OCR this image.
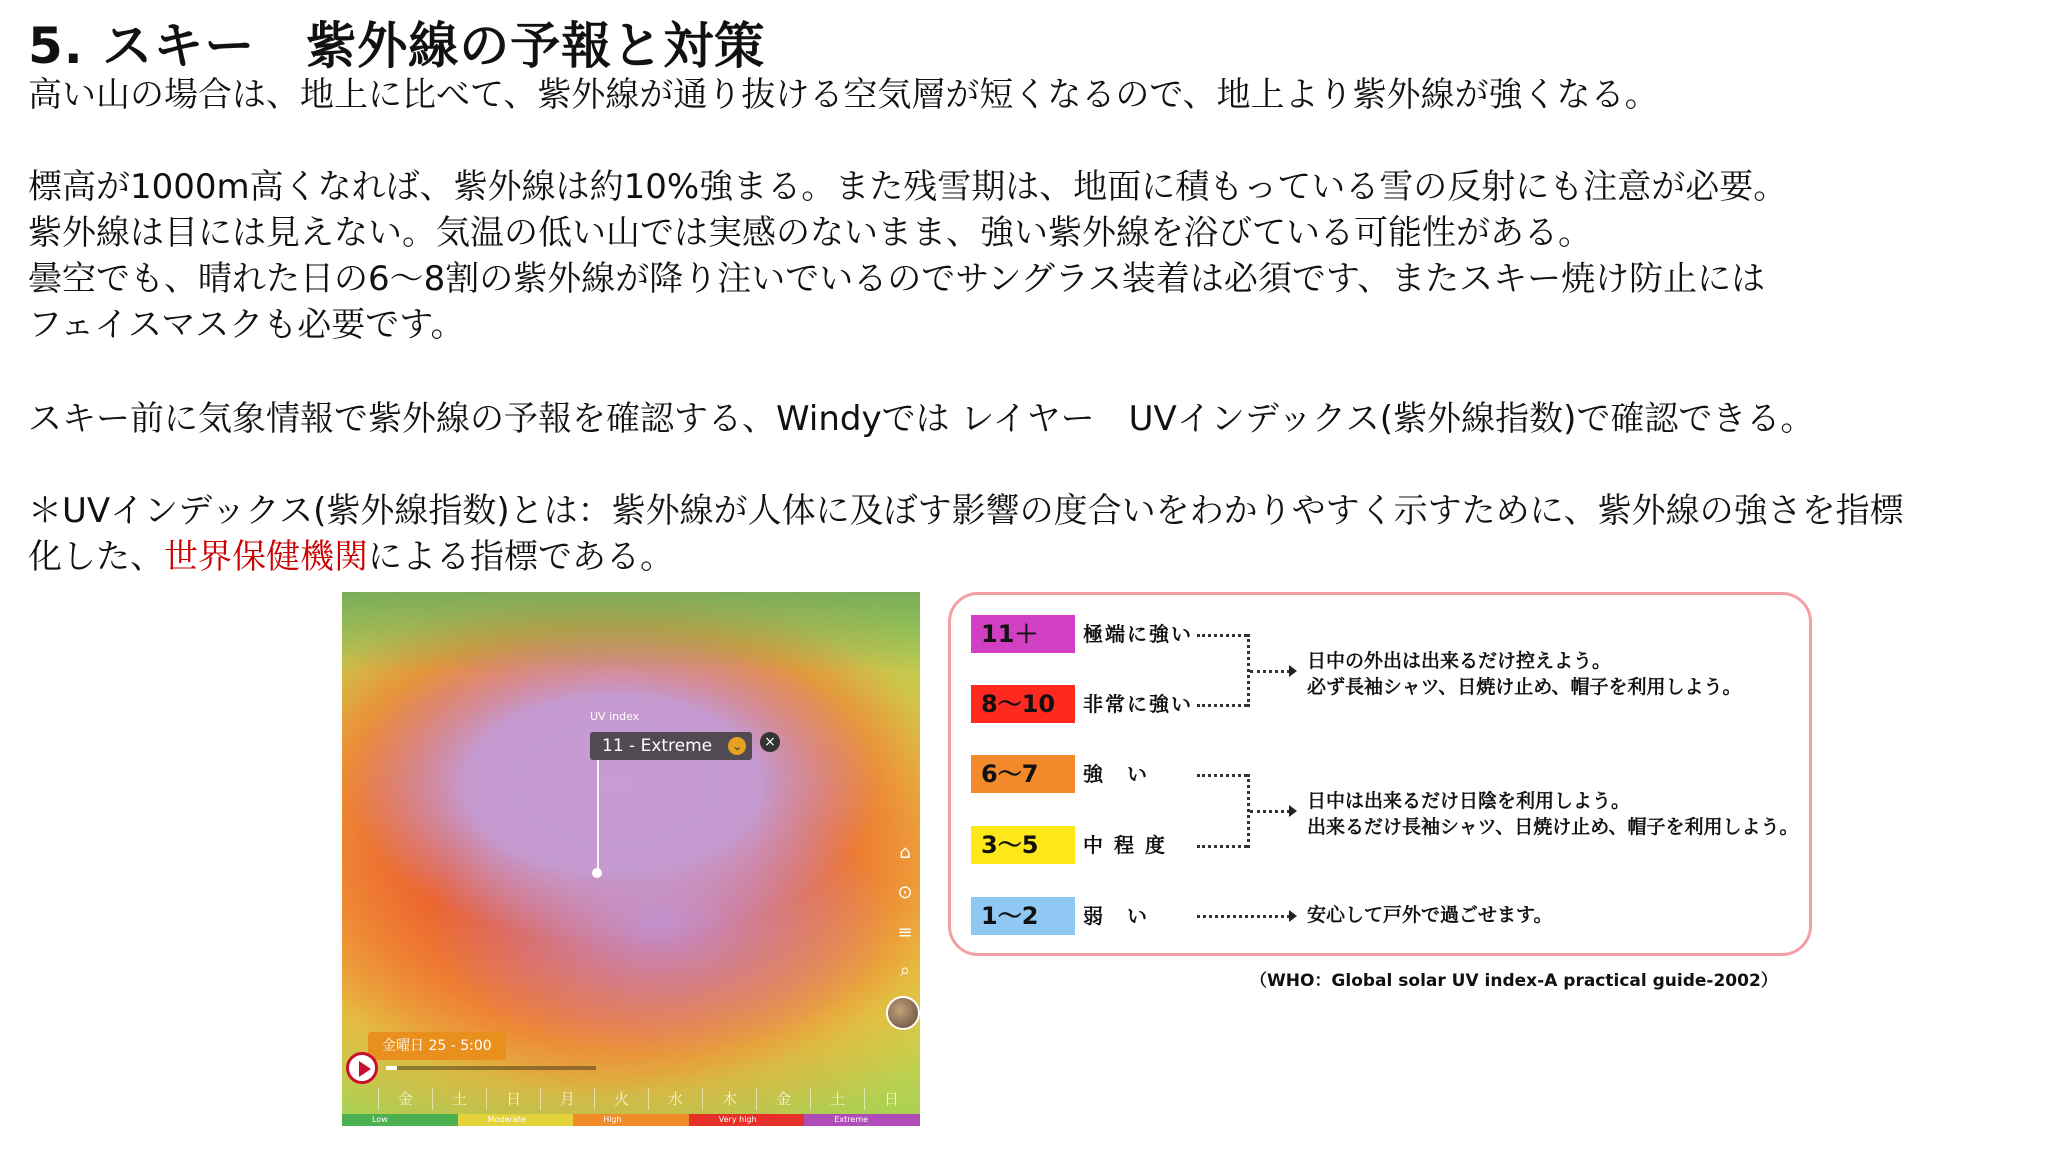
5. スキー　紫外線の予報と対策
高い山の場合は、地上に比べて、紫外線が通り抜ける空気層が短くなるので、地上より紫外線が強くなる。
標高が1000m高くなれば、紫外線は約10%強まる。また残雪期は、地面に積もっている雪の反射にも注意が必要。
紫外線は目には見えない。気温の低い山では実感のないまま、強い紫外線を浴びている可能性がある。
曇空でも、晴れた日の6～8割の紫外線が降り注いでいるのでサングラス装着は必須です、またスキー焼け防止には
フェイスマスクも必要です。
スキー前に気象情報で紫外線の予報を確認する、Windyでは レイヤー　UVインデックス(紫外線指数)で確認できる。
＊UVインデックス(紫外線指数)とは：紫外線が人体に及ぼす影響の度合いをわかりやすく示すために、紫外線の強さを指標
化した、世界保健機関による指標である。
UV index
11 - Extreme	⌄ ×
⌂
⊙
≡
⌕
金曜日 25 - 5:00
金	土	日	月	火	水	木	金	土	日
Low	Moderate	High	Very high	Extreme
11＋	極端に強い
8～10	非常に強い
6～7	強　い
3～5	中 程 度
1～2	弱　い
日中の外出は出来るだけ控えよう。
必ず長袖シャツ、日焼け止め、帽子を利用しよう。
日中は出来るだけ日陰を利用しよう。
出来るだけ長袖シャツ、日焼け止め、帽子を利用しよう。
安心して戸外で過ごせます。
（WHO：Global solar UV index-A practical guide-2002）
